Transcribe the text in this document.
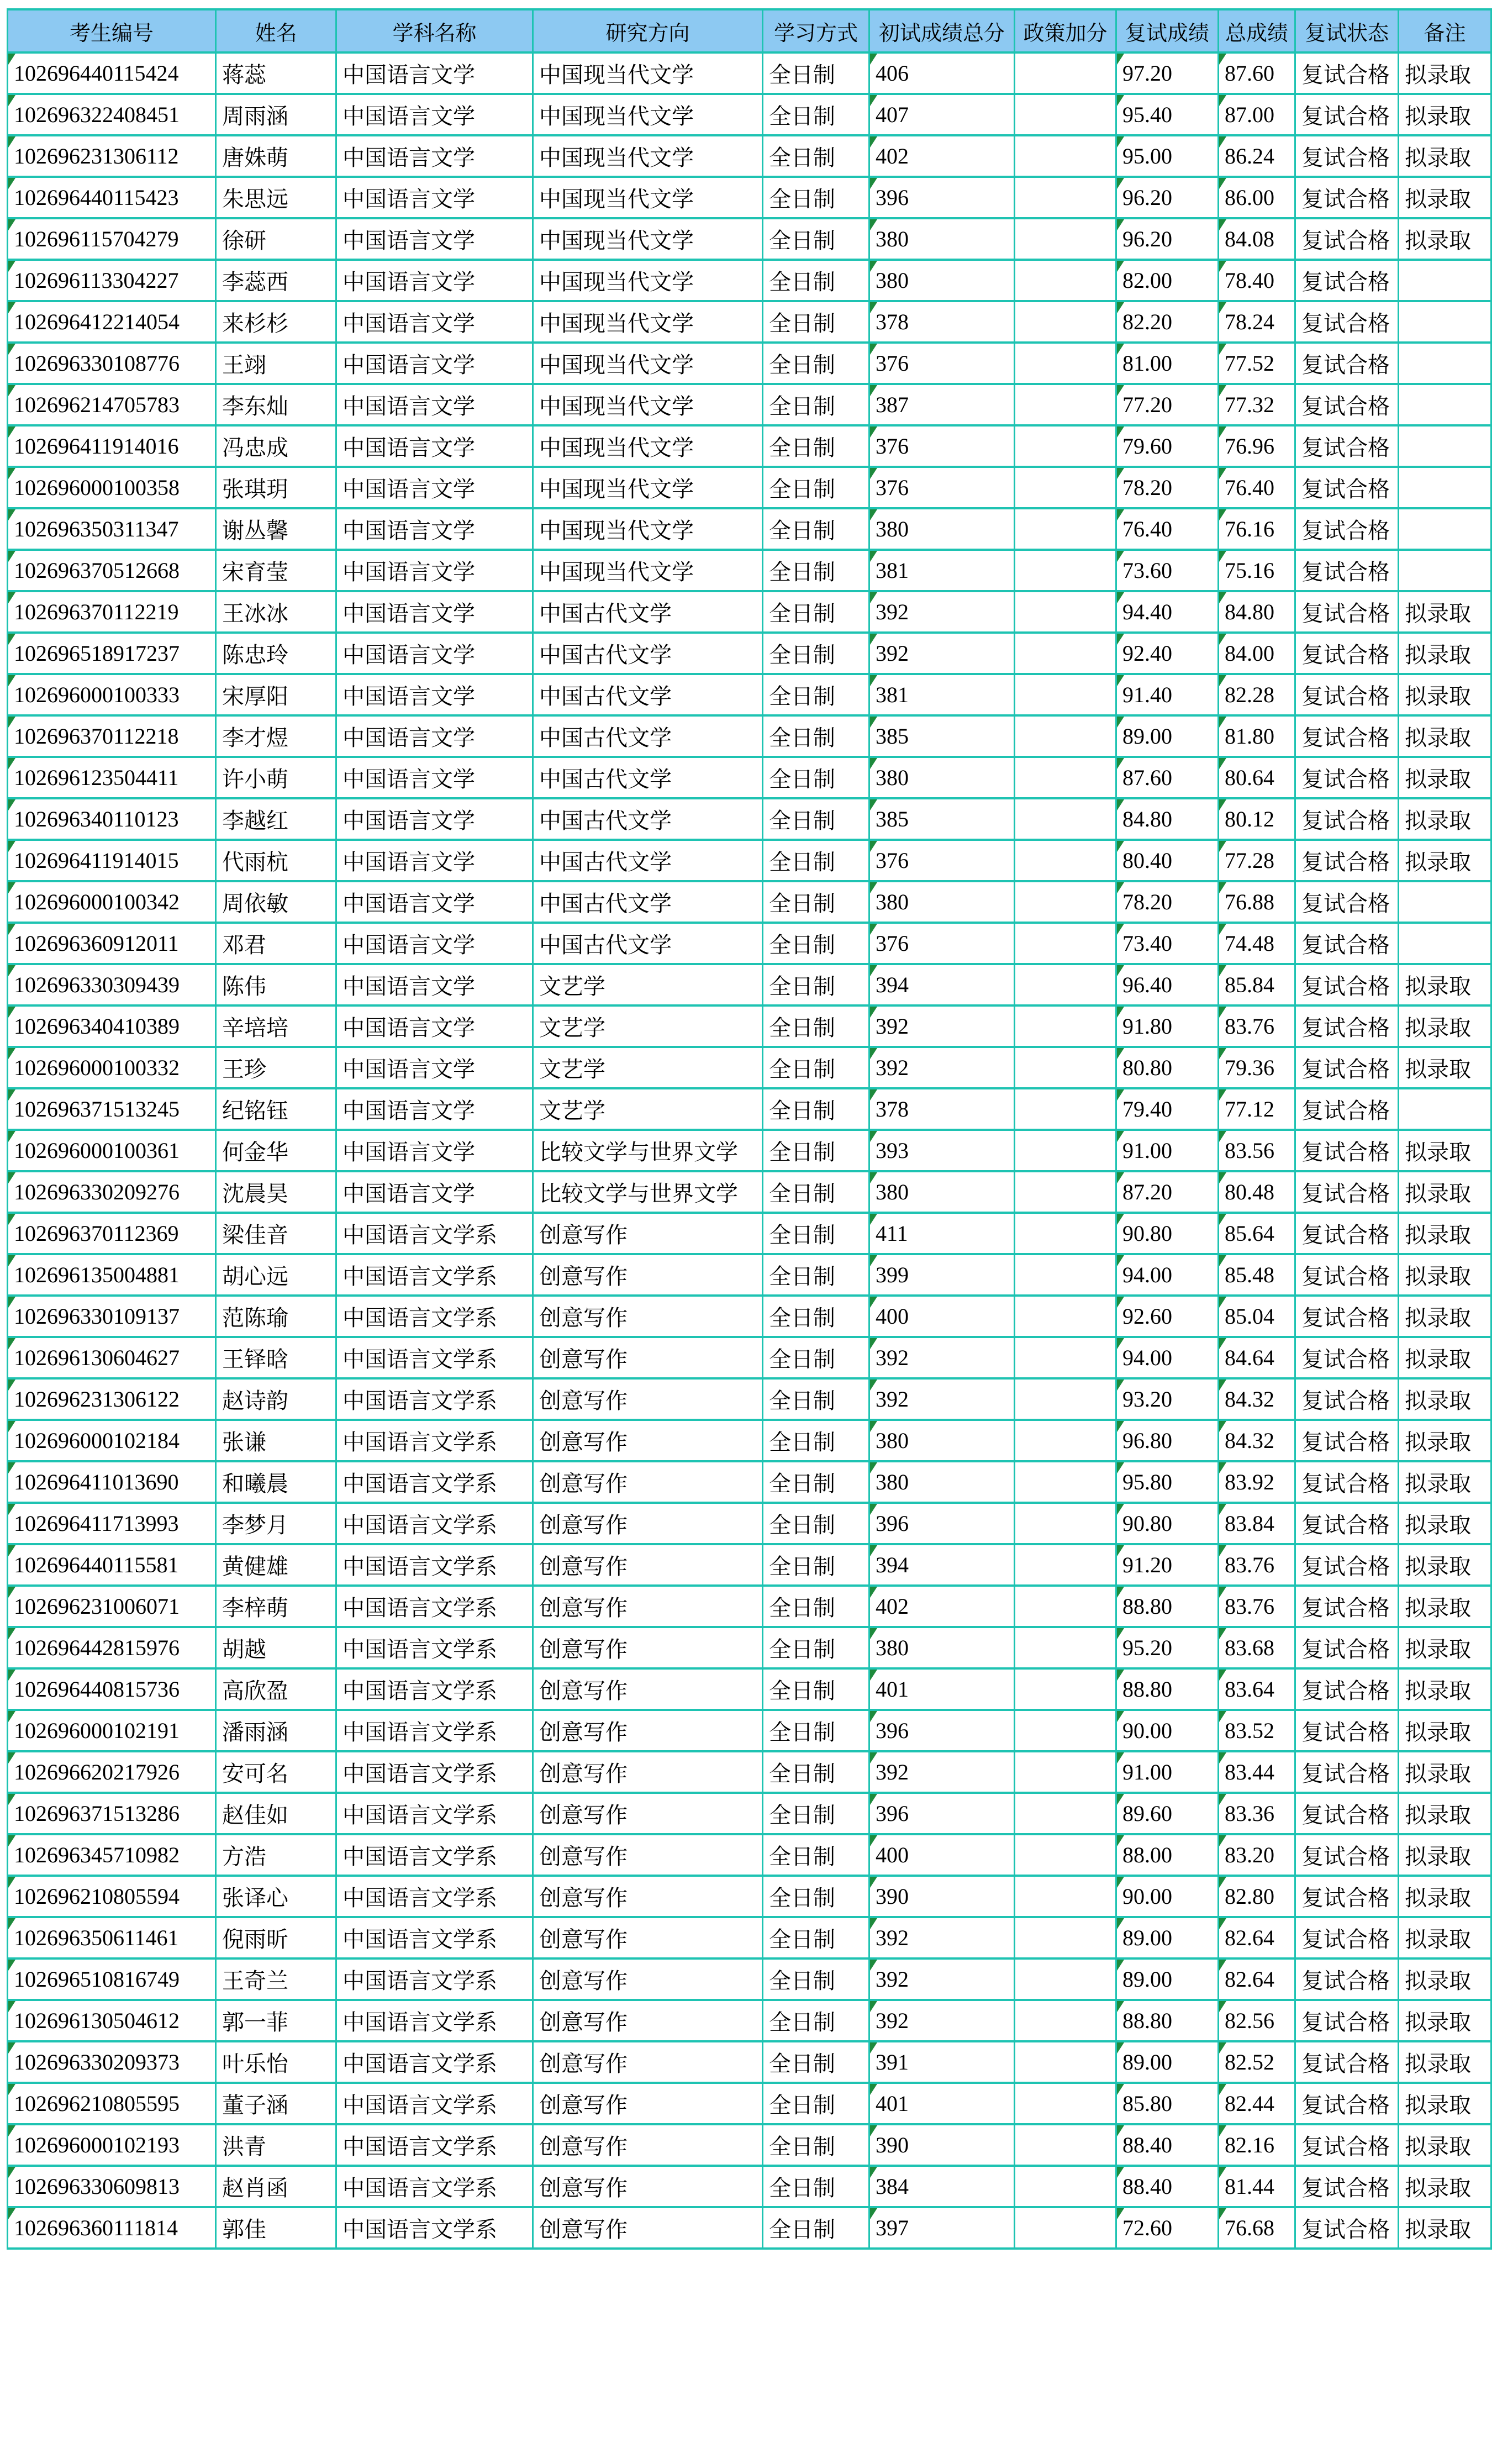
考生编号	姓名	学科名称	研究方向	学习方式	初试成绩总分	政策加分	复试成绩	总成绩	复试状态	备注

102696440115424	蒋蕊	中国语言文学	中国现当代文学	全日制	406		97.20	87.60	复试合格	拟录取

102696322408451	周雨涵	中国语言文学	中国现当代文学	全日制	407		95.40	87.00	复试合格	拟录取

102696231306112	唐姝萌	中国语言文学	中国现当代文学	全日制	402		95.00	86.24	复试合格	拟录取

102696440115423	朱思远	中国语言文学	中国现当代文学	全日制	396		96.20	86.00	复试合格	拟录取

102696115704279	徐研	中国语言文学	中国现当代文学	全日制	380		96.20	84.08	复试合格	拟录取

102696113304227	李蕊西	中国语言文学	中国现当代文学	全日制	380		82.00	78.40	复试合格	

102696412214054	来杉杉	中国语言文学	中国现当代文学	全日制	378		82.20	78.24	复试合格	

102696330108776	王翊	中国语言文学	中国现当代文学	全日制	376		81.00	77.52	复试合格	

102696214705783	李东灿	中国语言文学	中国现当代文学	全日制	387		77.20	77.32	复试合格	

102696411914016	冯忠成	中国语言文学	中国现当代文学	全日制	376		79.60	76.96	复试合格	

102696000100358	张琪玥	中国语言文学	中国现当代文学	全日制	376		78.20	76.40	复试合格	

102696350311347	谢丛馨	中国语言文学	中国现当代文学	全日制	380		76.40	76.16	复试合格	

102696370512668	宋育莹	中国语言文学	中国现当代文学	全日制	381		73.60	75.16	复试合格	

102696370112219	王冰冰	中国语言文学	中国古代文学	全日制	392		94.40	84.80	复试合格	拟录取

102696518917237	陈忠玲	中国语言文学	中国古代文学	全日制	392		92.40	84.00	复试合格	拟录取

102696000100333	宋厚阳	中国语言文学	中国古代文学	全日制	381		91.40	82.28	复试合格	拟录取

102696370112218	李才煜	中国语言文学	中国古代文学	全日制	385		89.00	81.80	复试合格	拟录取

102696123504411	许小萌	中国语言文学	中国古代文学	全日制	380		87.60	80.64	复试合格	拟录取

102696340110123	李越红	中国语言文学	中国古代文学	全日制	385		84.80	80.12	复试合格	拟录取

102696411914015	代雨杭	中国语言文学	中国古代文学	全日制	376		80.40	77.28	复试合格	拟录取

102696000100342	周依敏	中国语言文学	中国古代文学	全日制	380		78.20	76.88	复试合格	

102696360912011	邓君	中国语言文学	中国古代文学	全日制	376		73.40	74.48	复试合格	

102696330309439	陈伟	中国语言文学	文艺学	全日制	394		96.40	85.84	复试合格	拟录取

102696340410389	辛培培	中国语言文学	文艺学	全日制	392		91.80	83.76	复试合格	拟录取

102696000100332	王珍	中国语言文学	文艺学	全日制	392		80.80	79.36	复试合格	拟录取

102696371513245	纪铭钰	中国语言文学	文艺学	全日制	378		79.40	77.12	复试合格	

102696000100361	何金华	中国语言文学	比较文学与世界文学	全日制	393		91.00	83.56	复试合格	拟录取

102696330209276	沈晨昊	中国语言文学	比较文学与世界文学	全日制	380		87.20	80.48	复试合格	拟录取

102696370112369	梁佳音	中国语言文学系	创意写作	全日制	411		90.80	85.64	复试合格	拟录取

102696135004881	胡心远	中国语言文学系	创意写作	全日制	399		94.00	85.48	复试合格	拟录取

102696330109137	范陈瑜	中国语言文学系	创意写作	全日制	400		92.60	85.04	复试合格	拟录取

102696130604627	王铎晗	中国语言文学系	创意写作	全日制	392		94.00	84.64	复试合格	拟录取

102696231306122	赵诗韵	中国语言文学系	创意写作	全日制	392		93.20	84.32	复试合格	拟录取

102696000102184	张谦	中国语言文学系	创意写作	全日制	380		96.80	84.32	复试合格	拟录取

102696411013690	和曦晨	中国语言文学系	创意写作	全日制	380		95.80	83.92	复试合格	拟录取

102696411713993	李梦月	中国语言文学系	创意写作	全日制	396		90.80	83.84	复试合格	拟录取

102696440115581	黄健雄	中国语言文学系	创意写作	全日制	394		91.20	83.76	复试合格	拟录取

102696231006071	李梓萌	中国语言文学系	创意写作	全日制	402		88.80	83.76	复试合格	拟录取

102696442815976	胡越	中国语言文学系	创意写作	全日制	380		95.20	83.68	复试合格	拟录取

102696440815736	高欣盈	中国语言文学系	创意写作	全日制	401		88.80	83.64	复试合格	拟录取

102696000102191	潘雨涵	中国语言文学系	创意写作	全日制	396		90.00	83.52	复试合格	拟录取

102696620217926	安可名	中国语言文学系	创意写作	全日制	392		91.00	83.44	复试合格	拟录取

102696371513286	赵佳如	中国语言文学系	创意写作	全日制	396		89.60	83.36	复试合格	拟录取

102696345710982	方浩	中国语言文学系	创意写作	全日制	400		88.00	83.20	复试合格	拟录取

102696210805594	张译心	中国语言文学系	创意写作	全日制	390		90.00	82.80	复试合格	拟录取

102696350611461	倪雨昕	中国语言文学系	创意写作	全日制	392		89.00	82.64	复试合格	拟录取

102696510816749	王奇兰	中国语言文学系	创意写作	全日制	392		89.00	82.64	复试合格	拟录取

102696130504612	郭一菲	中国语言文学系	创意写作	全日制	392		88.80	82.56	复试合格	拟录取

102696330209373	叶乐怡	中国语言文学系	创意写作	全日制	391		89.00	82.52	复试合格	拟录取

102696210805595	董子涵	中国语言文学系	创意写作	全日制	401		85.80	82.44	复试合格	拟录取

102696000102193	洪青	中国语言文学系	创意写作	全日制	390		88.40	82.16	复试合格	拟录取

102696330609813	赵肖函	中国语言文学系	创意写作	全日制	384		88.40	81.44	复试合格	拟录取

102696360111814	郭佳	中国语言文学系	创意写作	全日制	397		72.60	76.68	复试合格	拟录取
